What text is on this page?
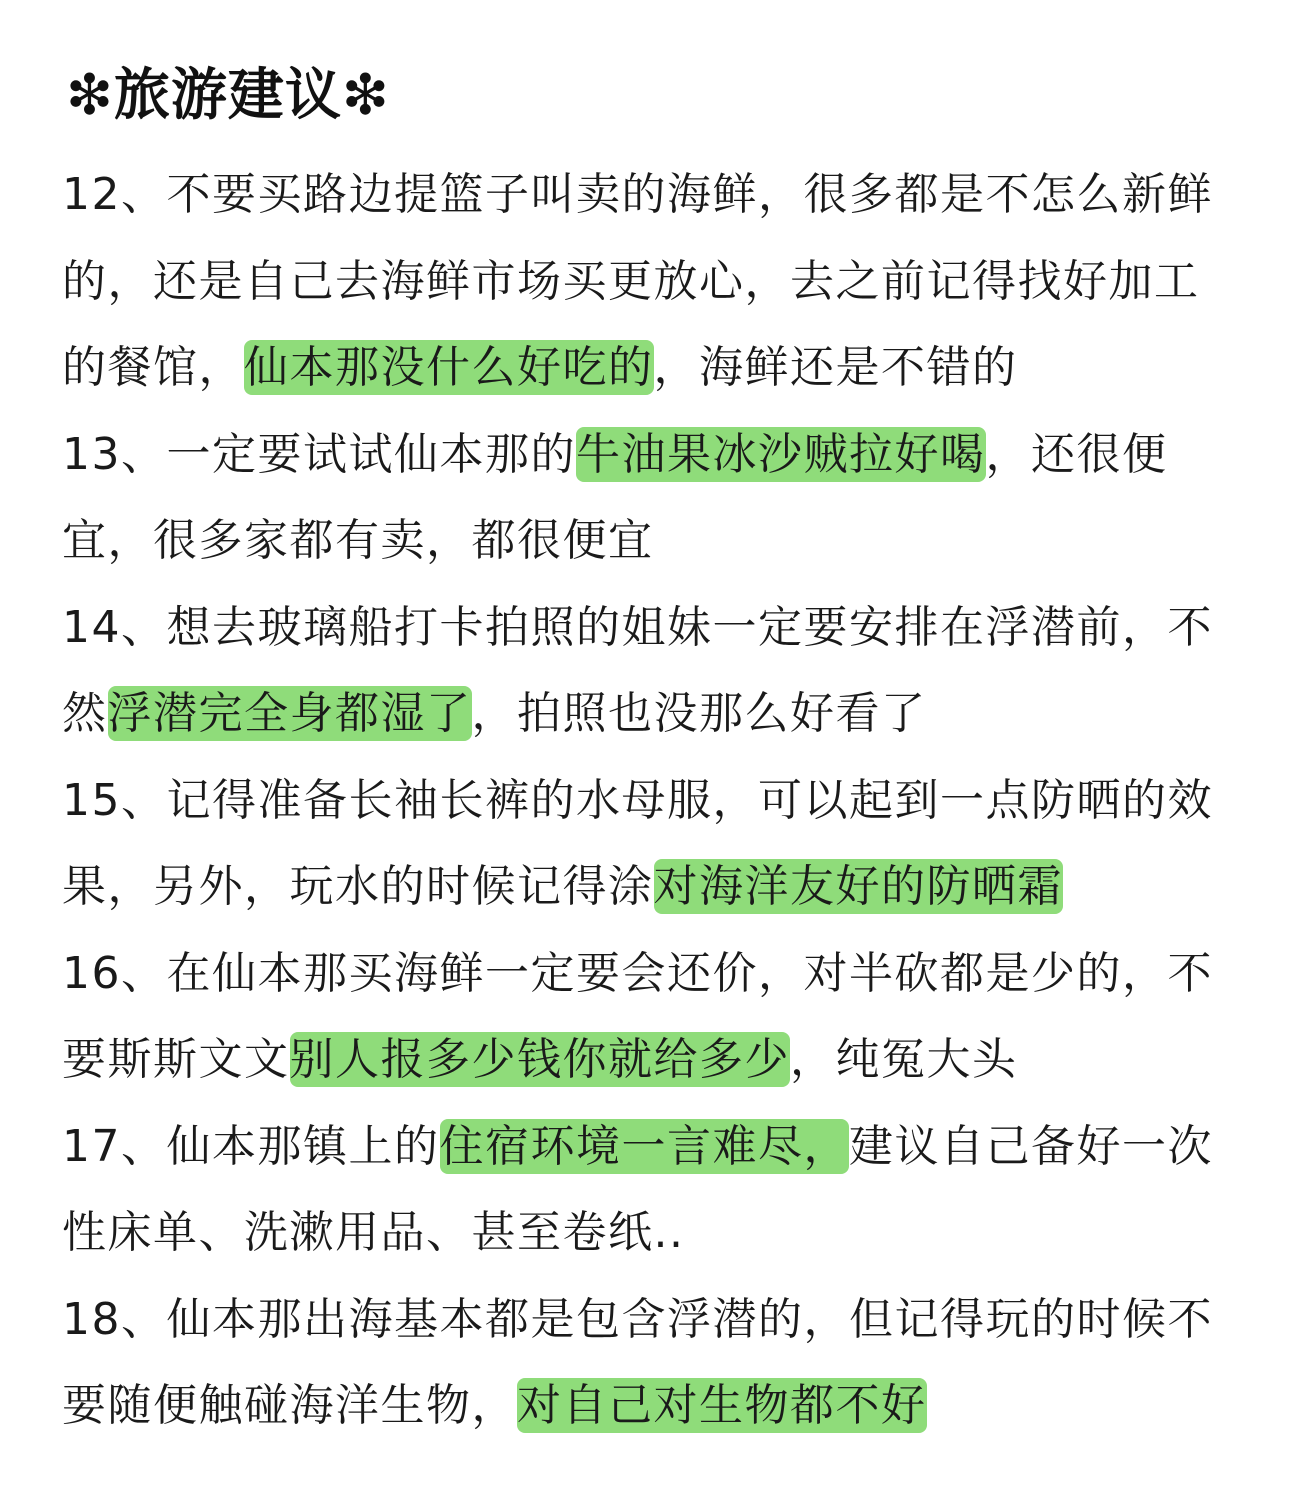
❇旅游建议❇
12、不要买路边提篮子叫卖的海鲜，很多都是不怎么新鲜的，还是自己去海鲜市场买更放心，去之前记得找好加工的餐馆，仙本那没什么好吃的，海鲜还是不错的
13、一定要试试仙本那的牛油果冰沙贼拉好喝，还很便宜，很多家都有卖，都很便宜
14、想去玻璃船打卡拍照的姐妹一定要安排在浮潜前，不然浮潜完全身都湿了，拍照也没那么好看了
15、记得准备长袖长裤的水母服，可以起到一点防晒的效果，另外，玩水的时候记得涂对海洋友好的防晒霜
16、在仙本那买海鲜一定要会还价，对半砍都是少的，不要斯斯文文别人报多少钱你就给多少，纯冤大头
17、仙本那镇上的住宿环境一言难尽，建议自己备好一次性床单、洗漱用品、甚至卷纸..
18、仙本那出海基本都是包含浮潜的，但记得玩的时候不要随便触碰海洋生物，对自己对生物都不好
